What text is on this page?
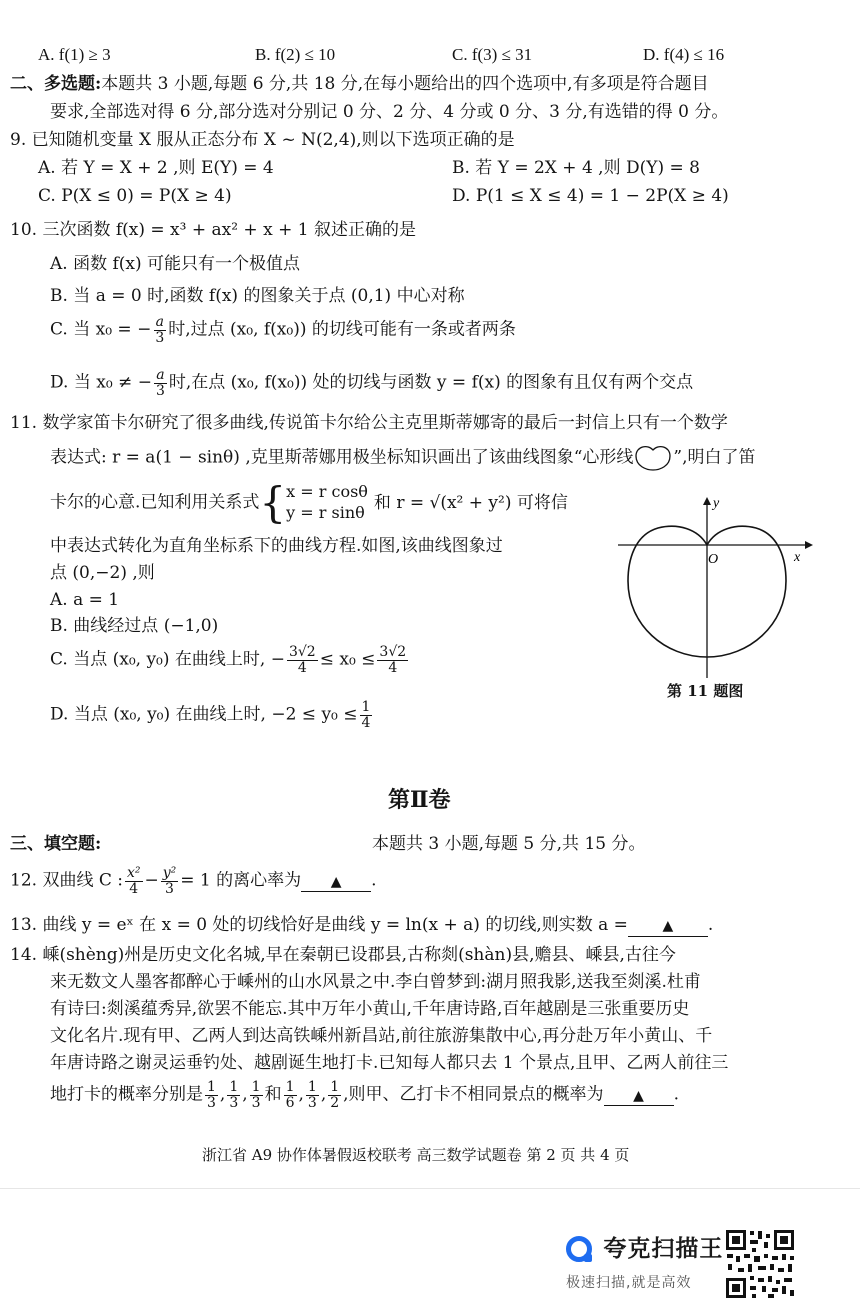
A. f(1) ≥ 3	B. f(2) ≤ 10	C. f(3) ≤ 31	D. f(4) ≤ 16
二、多选题:本题共 3 小题,每题 6 分,共 18 分,在每小题给出的四个选项中,有多项是符合题目
要求,全部选对得 6 分,部分选对分别记 0 分、2 分、4 分或 0 分、3 分,有选错的得 0 分。
9. 已知随机变量 X 服从正态分布 X ~ N(2,4),则以下选项正确的是
A. 若 Y = X + 2 ,则 E(Y) = 4	B. 若 Y = 2X + 4 ,则 D(Y) = 8
C. P(X ≤ 0) = P(X ≥ 4)	D. P(1 ≤ X ≤ 4) = 1 − 2P(X ≥ 4)
10. 三次函数 f(x) = x³ + ax² + x + 1 叙述正确的是
A. 函数 f(x) 可能只有一个极值点
B. 当 a = 0 时,函数 f(x) 的图象关于点 (0,1) 中心对称
C. 当 x₀ = − $\frac{a}{3}$ 时,过点 (x₀, f(x₀)) 的切线可能有一条或者两条
D. 当 x₀ ≠ − $\frac{a}{3}$ 时,在点 (x₀, f(x₀)) 处的切线与函数 y = f(x) 的图象有且仅有两个交点
11. 数学家笛卡尔研究了很多曲线,传说笛卡尔给公主克里斯蒂娜寄的最后一封信上只有一个数学
表达式: r = a(1 − sinθ) ,克里斯蒂娜用极坐标知识画出了该曲线图象“心形线 ”,明白了笛
卡尔的心意.已知利用关系式{ x = r cosθ
y = r sinθ 和 r = √(x² + y²) 可将信
中表达式转化为直角坐标系下的曲线方程.如图,该曲线图象过
点 (0,−2) ,则
A. a = 1
B. 曲线经过点 (−1,0)
C. 当点 (x₀, y₀) 在曲线上时, − $\frac{3√2}{4} \le x_0 \le \frac{3√2}{4}$
D. 当点 (x₀, y₀) 在曲线上时, $-2 \le y_0 \le \frac{1}{4}$
x
y
O
第 11 题图
第Ⅱ卷
三、填空题:	本题共 3 小题,每题 5 分,共 15 分。
12. 双曲线 C : $\frac{\text{x²}}{4} - \frac{\text{y²}}{3} = 1$ 的离心率为 ▲ .
13. 曲线 y = eˣ 在 x = 0 处的切线恰好是曲线 y = ln(x + a) 的切线,则实数 a = ▲ .
14. 嵊(shèng)州是历史文化名城,早在秦朝已设郡县,古称剡(shàn)县,赡县、嵊县,古往今
来无数文人墨客都醉心于嵊州的山水风景之中.李白曾梦到:湖月照我影,送我至剡溪.杜甫
有诗曰:剡溪蕴秀异,欲罢不能忘.其中万年小黄山,千年唐诗路,百年越剧是三张重要历史
文化名片.现有甲、乙两人到达高铁嵊州新昌站,前往旅游集散中心,再分赴万年小黄山、千
年唐诗路之谢灵运垂钓处、越剧诞生地打卡.已知每人都只去 1 个景点,且甲、乙两人前往三
地打卡的概率分别是 $\frac{1}{3}$ , $\frac{1}{3}$ , $\frac{1}{3}$ 和 $\frac{1}{6}$ , $\frac{1}{3}$ , $\frac{1}{2}$ ,则甲、乙打卡不相同景点的概率为 ▲ .
浙江省 A9 协作体暑假返校联考 高三数学试题卷 第 2 页 共 4 页
夸克扫描王
极速扫描,就是高效
